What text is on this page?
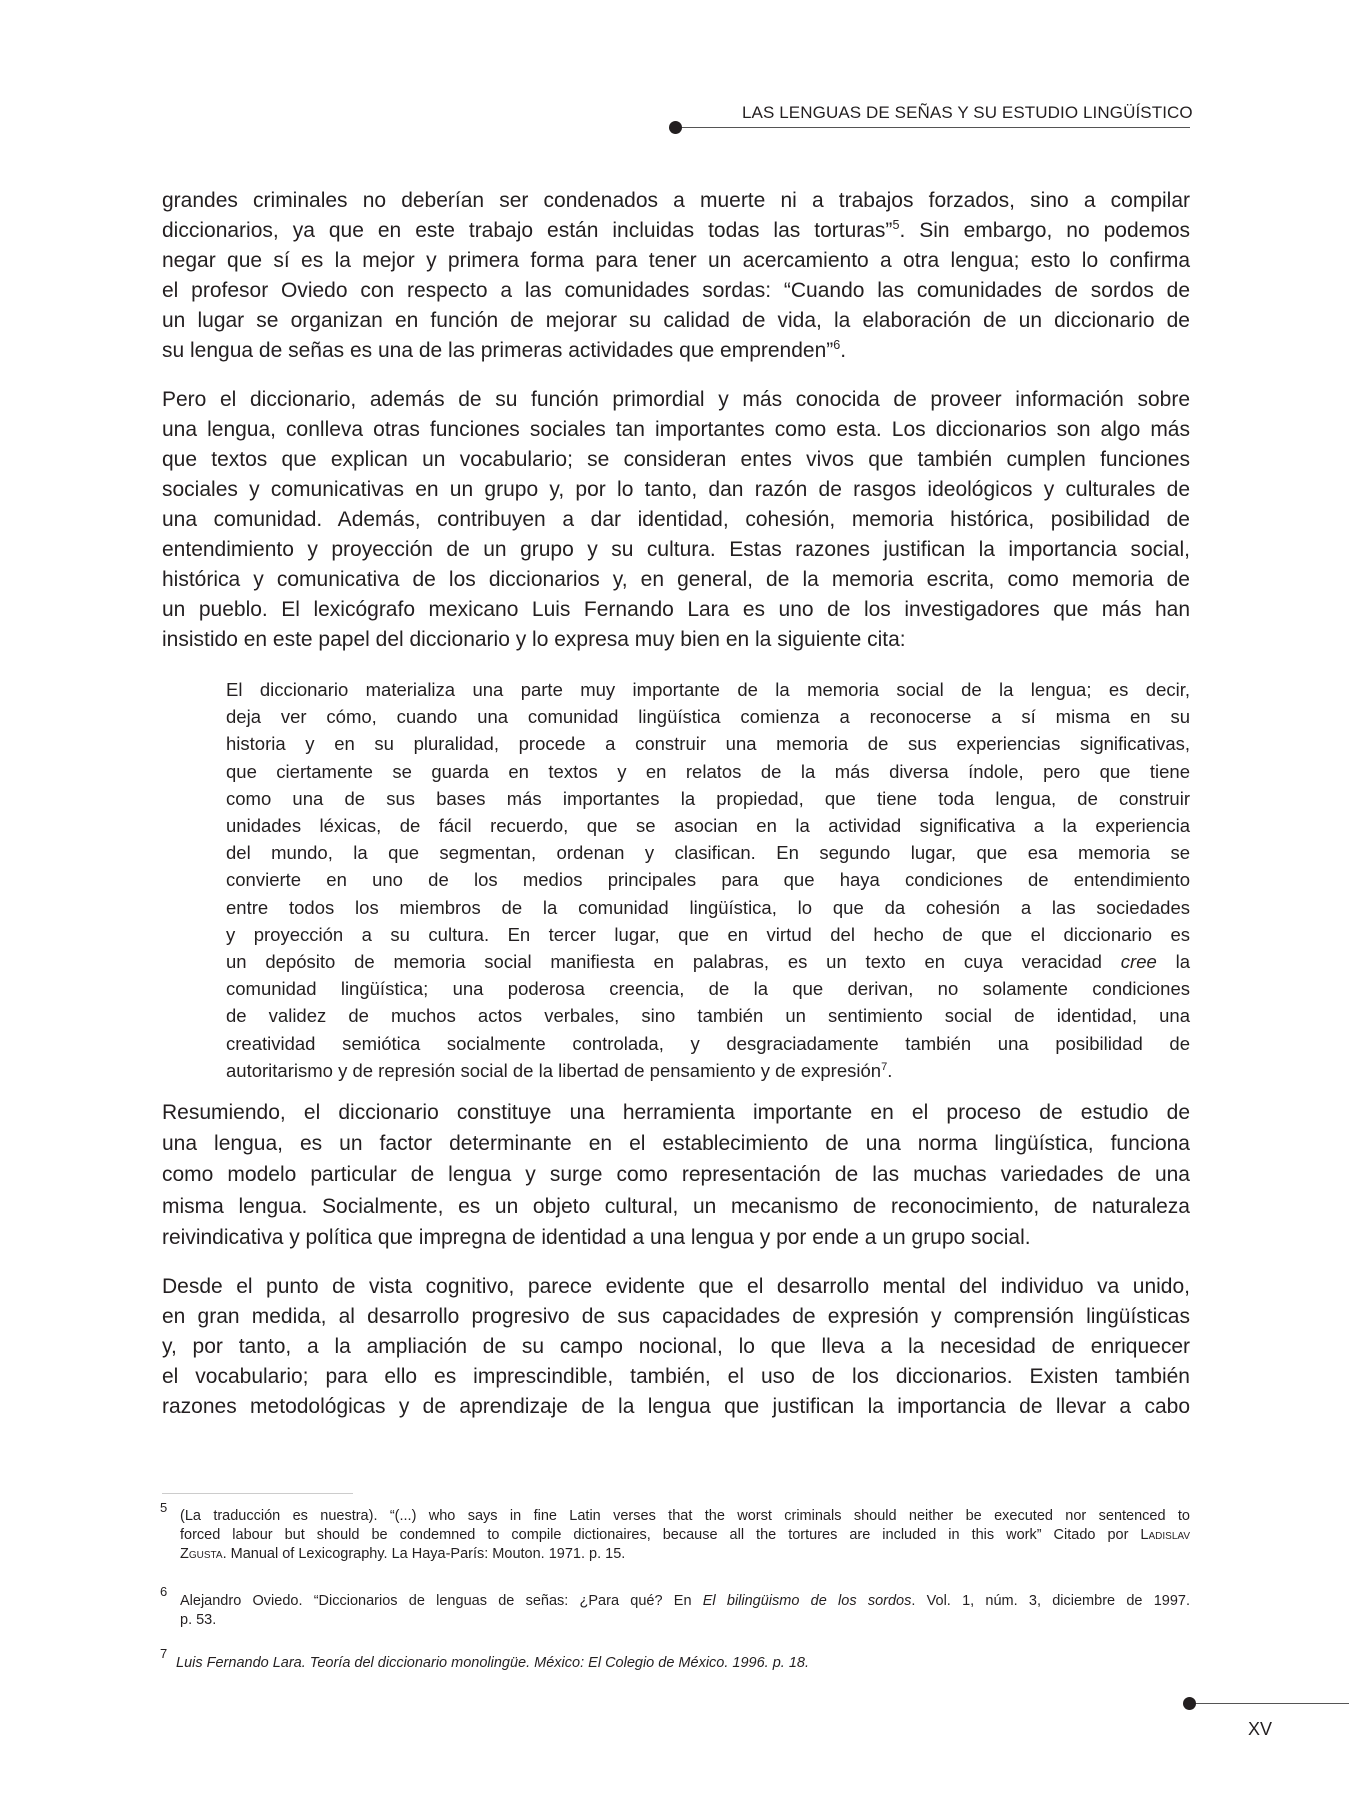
LAS LENGUAS DE SEÑAS Y SU ESTUDIO LINGÜÍSTICO
grandes criminales no deberían ser condenados a muerte ni a trabajos forzados, sino a compilar
diccionarios, ya que en este trabajo están incluidas todas las torturas”$^5$. Sin embargo, no podemos
negar que sí es la mejor y primera forma para tener un acercamiento a otra lengua; esto lo confirma
el profesor Oviedo con respecto a las comunidades sordas: “Cuando las comunidades de sordos de
un lugar se organizan en función de mejorar su calidad de vida, la elaboración de un diccionario de
su lengua de señas es una de las primeras actividades que emprenden”$^6$.
Pero el diccionario, además de su función primordial y más conocida de proveer información sobre
una lengua, conlleva otras funciones sociales tan importantes como esta. Los diccionarios son algo más
que textos que explican un vocabulario; se consideran entes vivos que también cumplen funciones
sociales y comunicativas en un grupo y, por lo tanto, dan razón de rasgos ideológicos y culturales de
una comunidad. Además, contribuyen a dar identidad, cohesión, memoria histórica, posibilidad de
entendimiento y proyección de un grupo y su cultura. Estas razones justifican la importancia social,
histórica y comunicativa de los diccionarios y, en general, de la memoria escrita, como memoria de
un pueblo. El lexicógrafo mexicano Luis Fernando Lara es uno de los investigadores que más han
insistido en este papel del diccionario y lo expresa muy bien en la siguiente cita:
El diccionario materializa una parte muy importante de la memoria social de la lengua; es decir,
deja ver cómo, cuando una comunidad lingüística comienza a reconocerse a sí misma en su
historia y en su pluralidad, procede a construir una memoria de sus experiencias significativas,
que ciertamente se guarda en textos y en relatos de la más diversa índole, pero que tiene
como una de sus bases más importantes la propiedad, que tiene toda lengua, de construir
unidades léxicas, de fácil recuerdo, que se asocian en la actividad significativa a la experiencia
del mundo, la que segmentan, ordenan y clasifican. En segundo lugar, que esa memoria se
convierte en uno de los medios principales para que haya condiciones de entendimiento
entre todos los miembros de la comunidad lingüística, lo que da cohesión a las sociedades
y proyección a su cultura. En tercer lugar, que en virtud del hecho de que el diccionario es
un depósito de memoria social manifiesta en palabras, es un texto en cuya veracidad cree la
comunidad lingüística; una poderosa creencia, de la que derivan, no solamente condiciones
de validez de muchos actos verbales, sino también un sentimiento social de identidad, una
creatividad semiótica socialmente controlada, y desgraciadamente también una posibilidad de
autoritarismo y de represión social de la libertad de pensamiento y de expresión$^7$.
Resumiendo, el diccionario constituye una herramienta importante en el proceso de estudio de
una lengua, es un factor determinante en el establecimiento de una norma lingüística, funciona
como modelo particular de lengua y surge como representación de las muchas variedades de una
misma lengua. Socialmente, es un objeto cultural, un mecanismo de reconocimiento, de naturaleza
reivindicativa y política que impregna de identidad a una lengua y por ende a un grupo social.
Desde el punto de vista cognitivo, parece evidente que el desarrollo mental del individuo va unido,
en gran medida, al desarrollo progresivo de sus capacidades de expresión y comprensión lingüísticas
y, por tanto, a la ampliación de su campo nocional, lo que lleva a la necesidad de enriquecer
el vocabulario; para ello es imprescindible, también, el uso de los diccionarios. Existen también
razones metodológicas y de aprendizaje de la lengua que justifican la importancia de llevar a cabo
5
(La traducción es nuestra). “(...) who says in fine Latin verses that the worst criminals should neither be executed nor sentenced to
forced labour but should be condemned to compile dictionaires, because all the tortures are included in this work” Citado por Ladislav
Zgusta. Manual of Lexicography. La Haya-París: Mouton. 1971. p. 15.
6
Alejandro Oviedo. “Diccionarios de lenguas de señas: ¿Para qué? En El bilingüismo de los sordos. Vol. 1, núm. 3, diciembre de 1997.
p. 53.
7
Luis Fernando Lara. Teoría del diccionario monolingüe. México: El Colegio de México. 1996. p. 18.
XV
